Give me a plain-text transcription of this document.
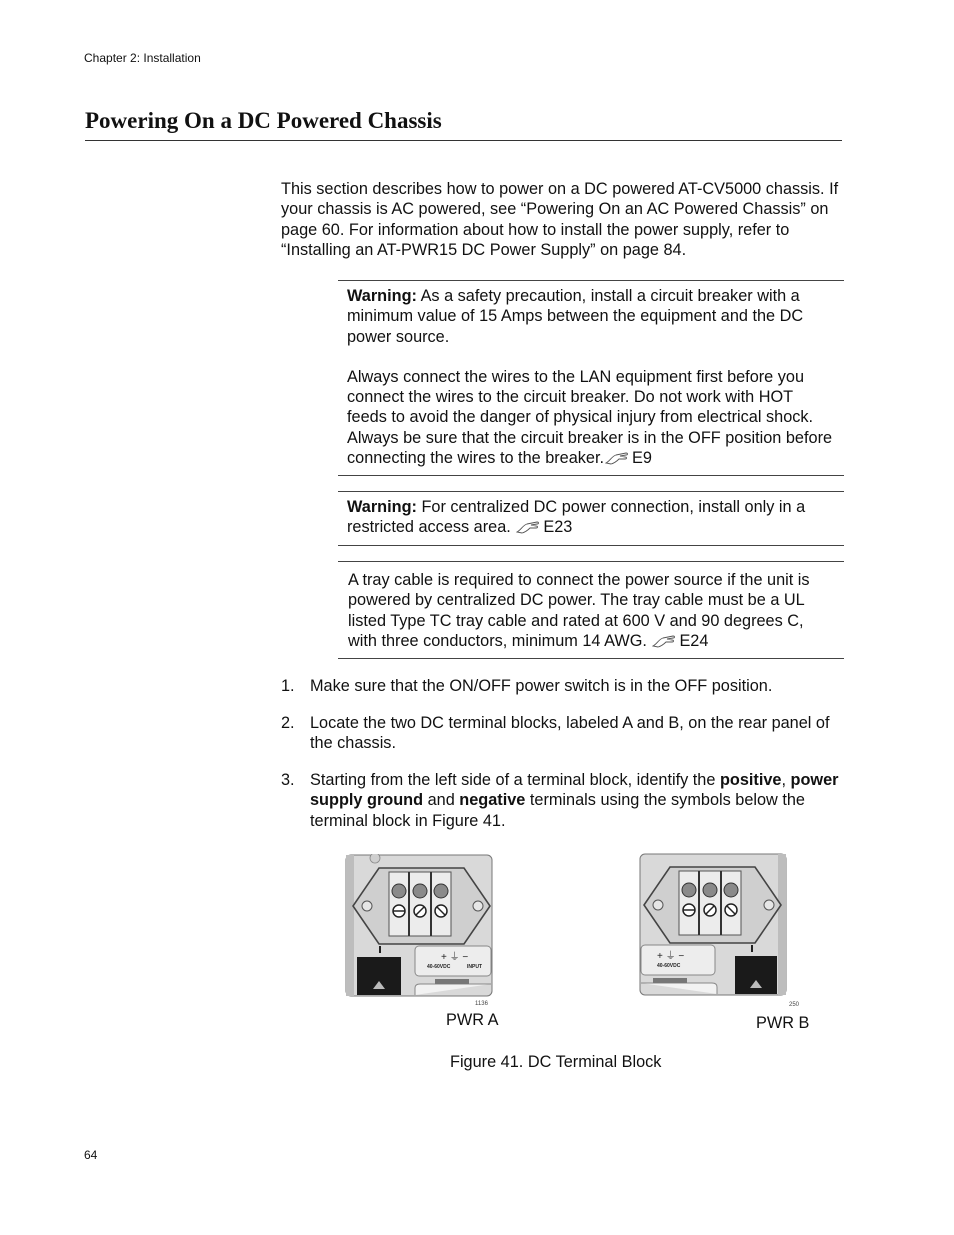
Chapter 2: Installation
Powering On a DC Powered Chassis

This section describes how to power on a DC powered AT-CV5000 chassis. If your chassis is AC powered, see “Powering On an AC Powered Chassis” on page 60. For information about how to install the power supply, refer to “Installing an AT-PWR15 DC Power Supply” on page 84.

Warning: As a safety precaution, install a circuit breaker with a minimum value of 15 Amps between the equipment and the DC power source.

Always connect the wires to the LAN equipment first before you connect the wires to the circuit breaker. Do not work with HOT feeds to avoid the danger of physical injury from electrical shock. Always be sure that the circuit breaker is in the OFF position before connecting the wires to the breaker. E9

Warning: For centralized DC power connection, install only in a restricted access area. E23

A tray cable is required to connect the power source if the unit is powered by centralized DC power. The tray cable must be a UL listed Type TC tray cable and rated at 600 V and 90 degrees C, with three conductors, minimum 14 AWG. E24

1. Make sure that the ON/OFF power switch is in the OFF position.
2. Locate the two DC terminal blocks, labeled A and B, on the rear panel of the chassis.
3. Starting from the left side of a terminal block, identify the positive, power supply ground and negative terminals using the symbols below the terminal block in Figure 41.
+ ⏚ −
40-60VDC	INPUT
1136
PWR A
+ ⏚ −
40-60VDC
250
PWR B
Figure 41. DC Terminal Block
64
